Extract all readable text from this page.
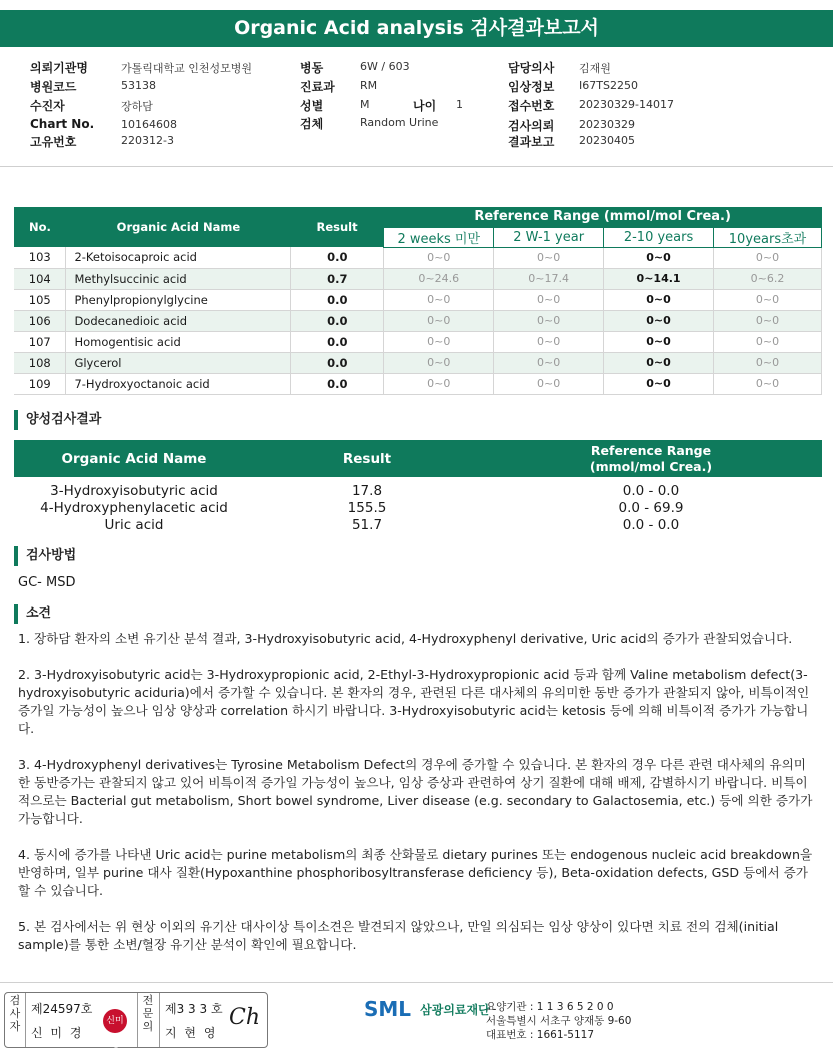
Organic Acid analysis 검사결과보고서
의뢰기관명	가톨릭대학교 인천성모병원
병원코드	53138
수진자	장하담
Chart No. 10164608
고유번호	220312-3
병동	6W / 603
진료과 RM
성별	M	나이 1
검체	Random Urine
담당의사 김재원
임상정보 I67TS2250
접수번호 20230329-14017
검사의뢰 20230329
결과보고 20230405
No.	Organic Acid Name	Result	Reference Range (mmol/mol Crea.)			
			2 weeks 미만	2 W-1 year	2-10 years	10years초과
103	2-Ketoisocaproic acid	0.0	0~0	0~0	0~0	0~0
104	Methylsuccinic acid	0.7	0~24.6	0~17.4	0~14.1	0~6.2
105	Phenylpropionylglycine	0.0	0~0	0~0	0~0	0~0
106	Dodecanedioic acid	0.0	0~0	0~0	0~0	0~0
107	Homogentisic acid	0.0	0~0	0~0	0~0	0~0
108	Glycerol	0.0	0~0	0~0	0~0	0~0
109	7-Hydroxyoctanoic acid	0.0	0~0	0~0	0~0	0~0
양성검사결과
Organic Acid Name	Result	Reference Range
(mmol/mol Crea.)

3-Hydroxyisobutyric acid	17.8	0.0 - 0.0
4-Hydroxyphenylacetic acid	155.5	0.0 - 69.9
Uric acid	51.7	0.0 - 0.0
검사방법
GC- MSD
소견

1. 장하담 환자의 소변 유기산 분석 결과, 3-Hydroxyisobutyric acid, 4-Hydroxyphenyl derivative, Uric acid의 증가가 관찰되었습니다.

2. 3-Hydroxyisobutyric acid는 3-Hydroxypropionic acid, 2-Ethyl-3-Hydroxypropionic acid 등과 함께 Valine metabolism defect(3-hydroxyisobutyric aciduria)에서 증가할 수 있습니다. 본 환자의 경우, 관련된 다른 대사체의 유의미한 동반 증가가 관찰되지 않아, 비특이적인 증가일 가능성이 높으나 임상 양상과 correlation 하시기 바랍니다. 3-Hydroxyisobutyric acid는 ketosis 등에 의해 비특이적 증가가 가능합니다.

3. 4-Hydroxyphenyl derivatives는 Tyrosine Metabolism Defect의 경우에 증가할 수 있습니다. 본 환자의 경우 다른 관련 대사체의 유의미한 동반증가는 관찰되지 않고 있어 비특이적 증가일 가능성이 높으나, 임상 증상과 관련하여 상기 질환에 대해 배제, 감별하시기 바랍니다. 비특이적으로는 Bacterial gut metabolism, Short bowel syndrome, Liver disease (e.g. secondary to Galactosemia, etc.) 등에 의한 증가가 가능합니다.

4. 동시에 증가를 나타낸 Uric acid는 purine metabolism의 최종 산화물로 dietary purines 또는 endogenous nucleic acid breakdown을 반영하며, 일부 purine 대사 질환(Hypoxanthine phosphoribosyltransferase deficiency 등), Beta-oxidation defects, GSD 등에서 증가할 수 있습니다.

5. 본 검사에서는 위 현상 이외의 유기산 대사이상 특이소견은 발견되지 않았으나, 만일 의심되는 임상 양상이 있다면 치료 전의 검체(initial sample)를 통한 소변/혈장 유기산 분석이 확인에 필요합니다.

검사자
제24597호
신 미 경
신미경
전문의
제3 3 3 호
지 현 영
Ch	SML 삼광의료재단
요양기관 : 1 1 3 6 5 2 0 0
서울특별시 서초구 양재동 9-60
대표번호 : 1661-5117
